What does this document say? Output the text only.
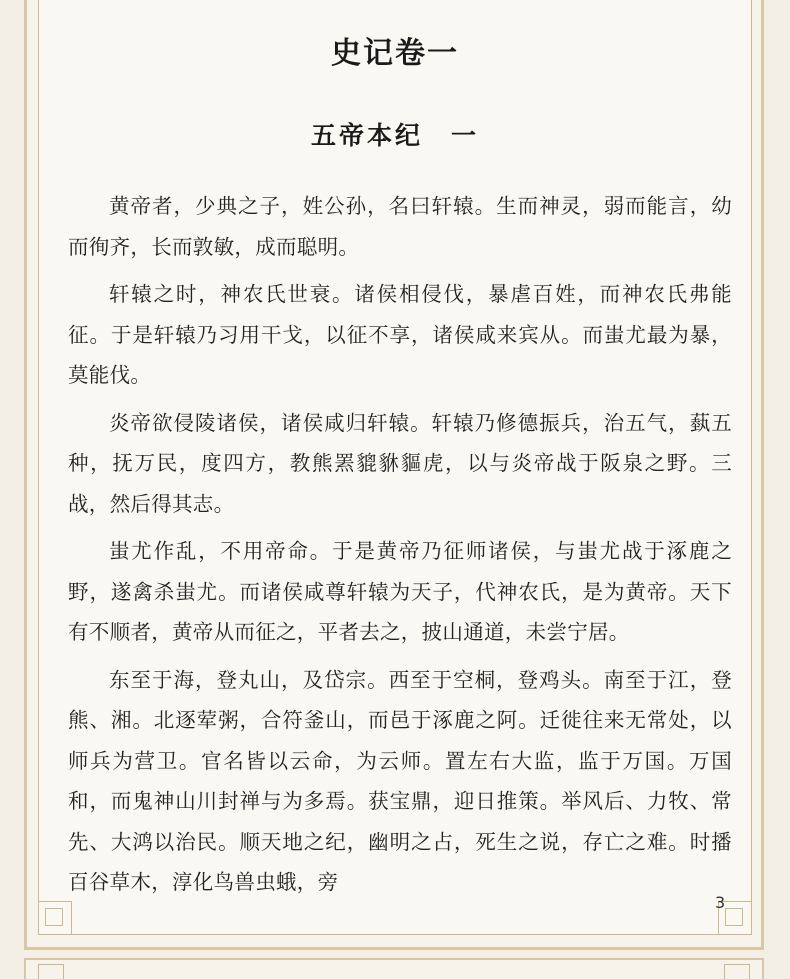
史记卷一
五帝本纪　一

黄帝者，少典之子，姓公孙，名曰轩辕。生而神灵，弱而能言，幼而徇齐，长而敦敏，成而聪明。

轩辕之时，神农氏世衰。诸侯相侵伐，暴虐百姓，而神农氏弗能征。于是轩辕乃习用干戈，以征不享，诸侯咸来宾从。而蚩尤最为暴，莫能伐。

炎帝欲侵陵诸侯，诸侯咸归轩辕。轩辕乃修德振兵，治五气，蓺五种，抚万民，度四方，教熊罴貔貅貙虎，以与炎帝战于阪泉之野。三战，然后得其志。

蚩尤作乱，不用帝命。于是黄帝乃征师诸侯，与蚩尤战于涿鹿之野，遂禽杀蚩尤。而诸侯咸尊轩辕为天子，代神农氏，是为黄帝。天下有不顺者，黄帝从而征之，平者去之，披山通道，未尝宁居。

东至于海，登丸山，及岱宗。西至于空桐，登鸡头。南至于江，登熊、湘。北逐荤粥，合符釜山，而邑于涿鹿之阿。迁徙往来无常处，以师兵为营卫。官名皆以云命，为云师。置左右大监，监于万国。万国和，而鬼神山川封禅与为多焉。获宝鼎，迎日推策。举风后、力牧、常先、大鸿以治民。顺天地之纪，幽明之占，死生之说，存亡之难。时播百谷草木，淳化鸟兽虫蛾，旁

3
